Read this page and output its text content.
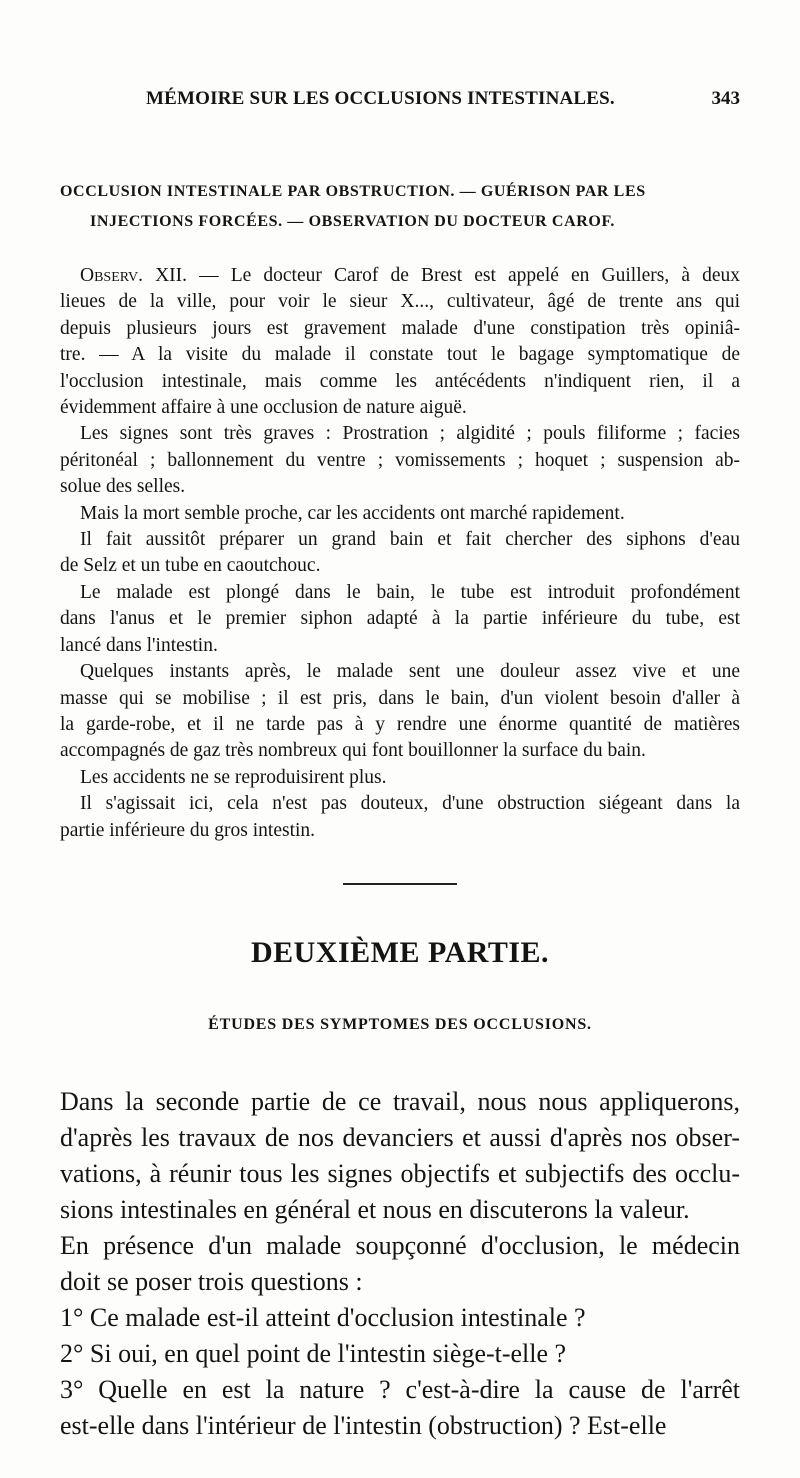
MÉMOIRE SUR LES OCCLUSIONS INTESTINALES.	343
OCCLUSION INTESTINALE PAR OBSTRUCTION. — GUÉRISON PAR LES
INJECTIONS FORCÉES. — OBSERVATION DU DOCTEUR CAROF.

Observ. XII. — Le docteur Carof de Brest est appelé en Guillers, à deux
lieues de la ville, pour voir le sieur X..., cultivateur, âgé de trente ans qui
depuis plusieurs jours est gravement malade d'une constipation très opiniâ-
tre. — A la visite du malade il constate tout le bagage symptomatique de
l'occlusion intestinale, mais comme les antécédents n'indiquent rien, il a
évidemment affaire à une occlusion de nature aiguë.

Les signes sont très graves : Prostration ; algidité ; pouls filiforme ; facies
péritonéal ; ballonnement du ventre ; vomissements ; hoquet ; suspension ab-
solue des selles.

Mais la mort semble proche, car les accidents ont marché rapidement.

Il fait aussitôt préparer un grand bain et fait chercher des siphons d'eau
de Selz et un tube en caoutchouc.

Le malade est plongé dans le bain, le tube est introduit profondément
dans l'anus et le premier siphon adapté à la partie inférieure du tube, est
lancé dans l'intestin.

Quelques instants après, le malade sent une douleur assez vive et une
masse qui se mobilise ; il est pris, dans le bain, d'un violent besoin d'aller à
la garde-robe, et il ne tarde pas à y rendre une énorme quantité de matières
accompagnés de gaz très nombreux qui font bouillonner la surface du bain.

Les accidents ne se reproduisirent plus.

Il s'agissait ici, cela n'est pas douteux, d'une obstruction siégeant dans la
partie inférieure du gros intestin.

DEUXIÈME PARTIE.
ÉTUDES DES SYMPTOMES DES OCCLUSIONS.

Dans la seconde partie de ce travail, nous nous appliquerons,
d'après les travaux de nos devanciers et aussi d'après nos obser-
vations, à réunir tous les signes objectifs et subjectifs des occlu-
sions intestinales en général et nous en discuterons la valeur.

En présence d'un malade soupçonné d'occlusion, le médecin
doit se poser trois questions :

1° Ce malade est-il atteint d'occlusion intestinale ?

2° Si oui, en quel point de l'intestin siège-t-elle ?

3° Quelle en est la nature ? c'est-à-dire la cause de l'arrêt
est-elle dans l'intérieur de l'intestin (obstruction) ? Est-elle
